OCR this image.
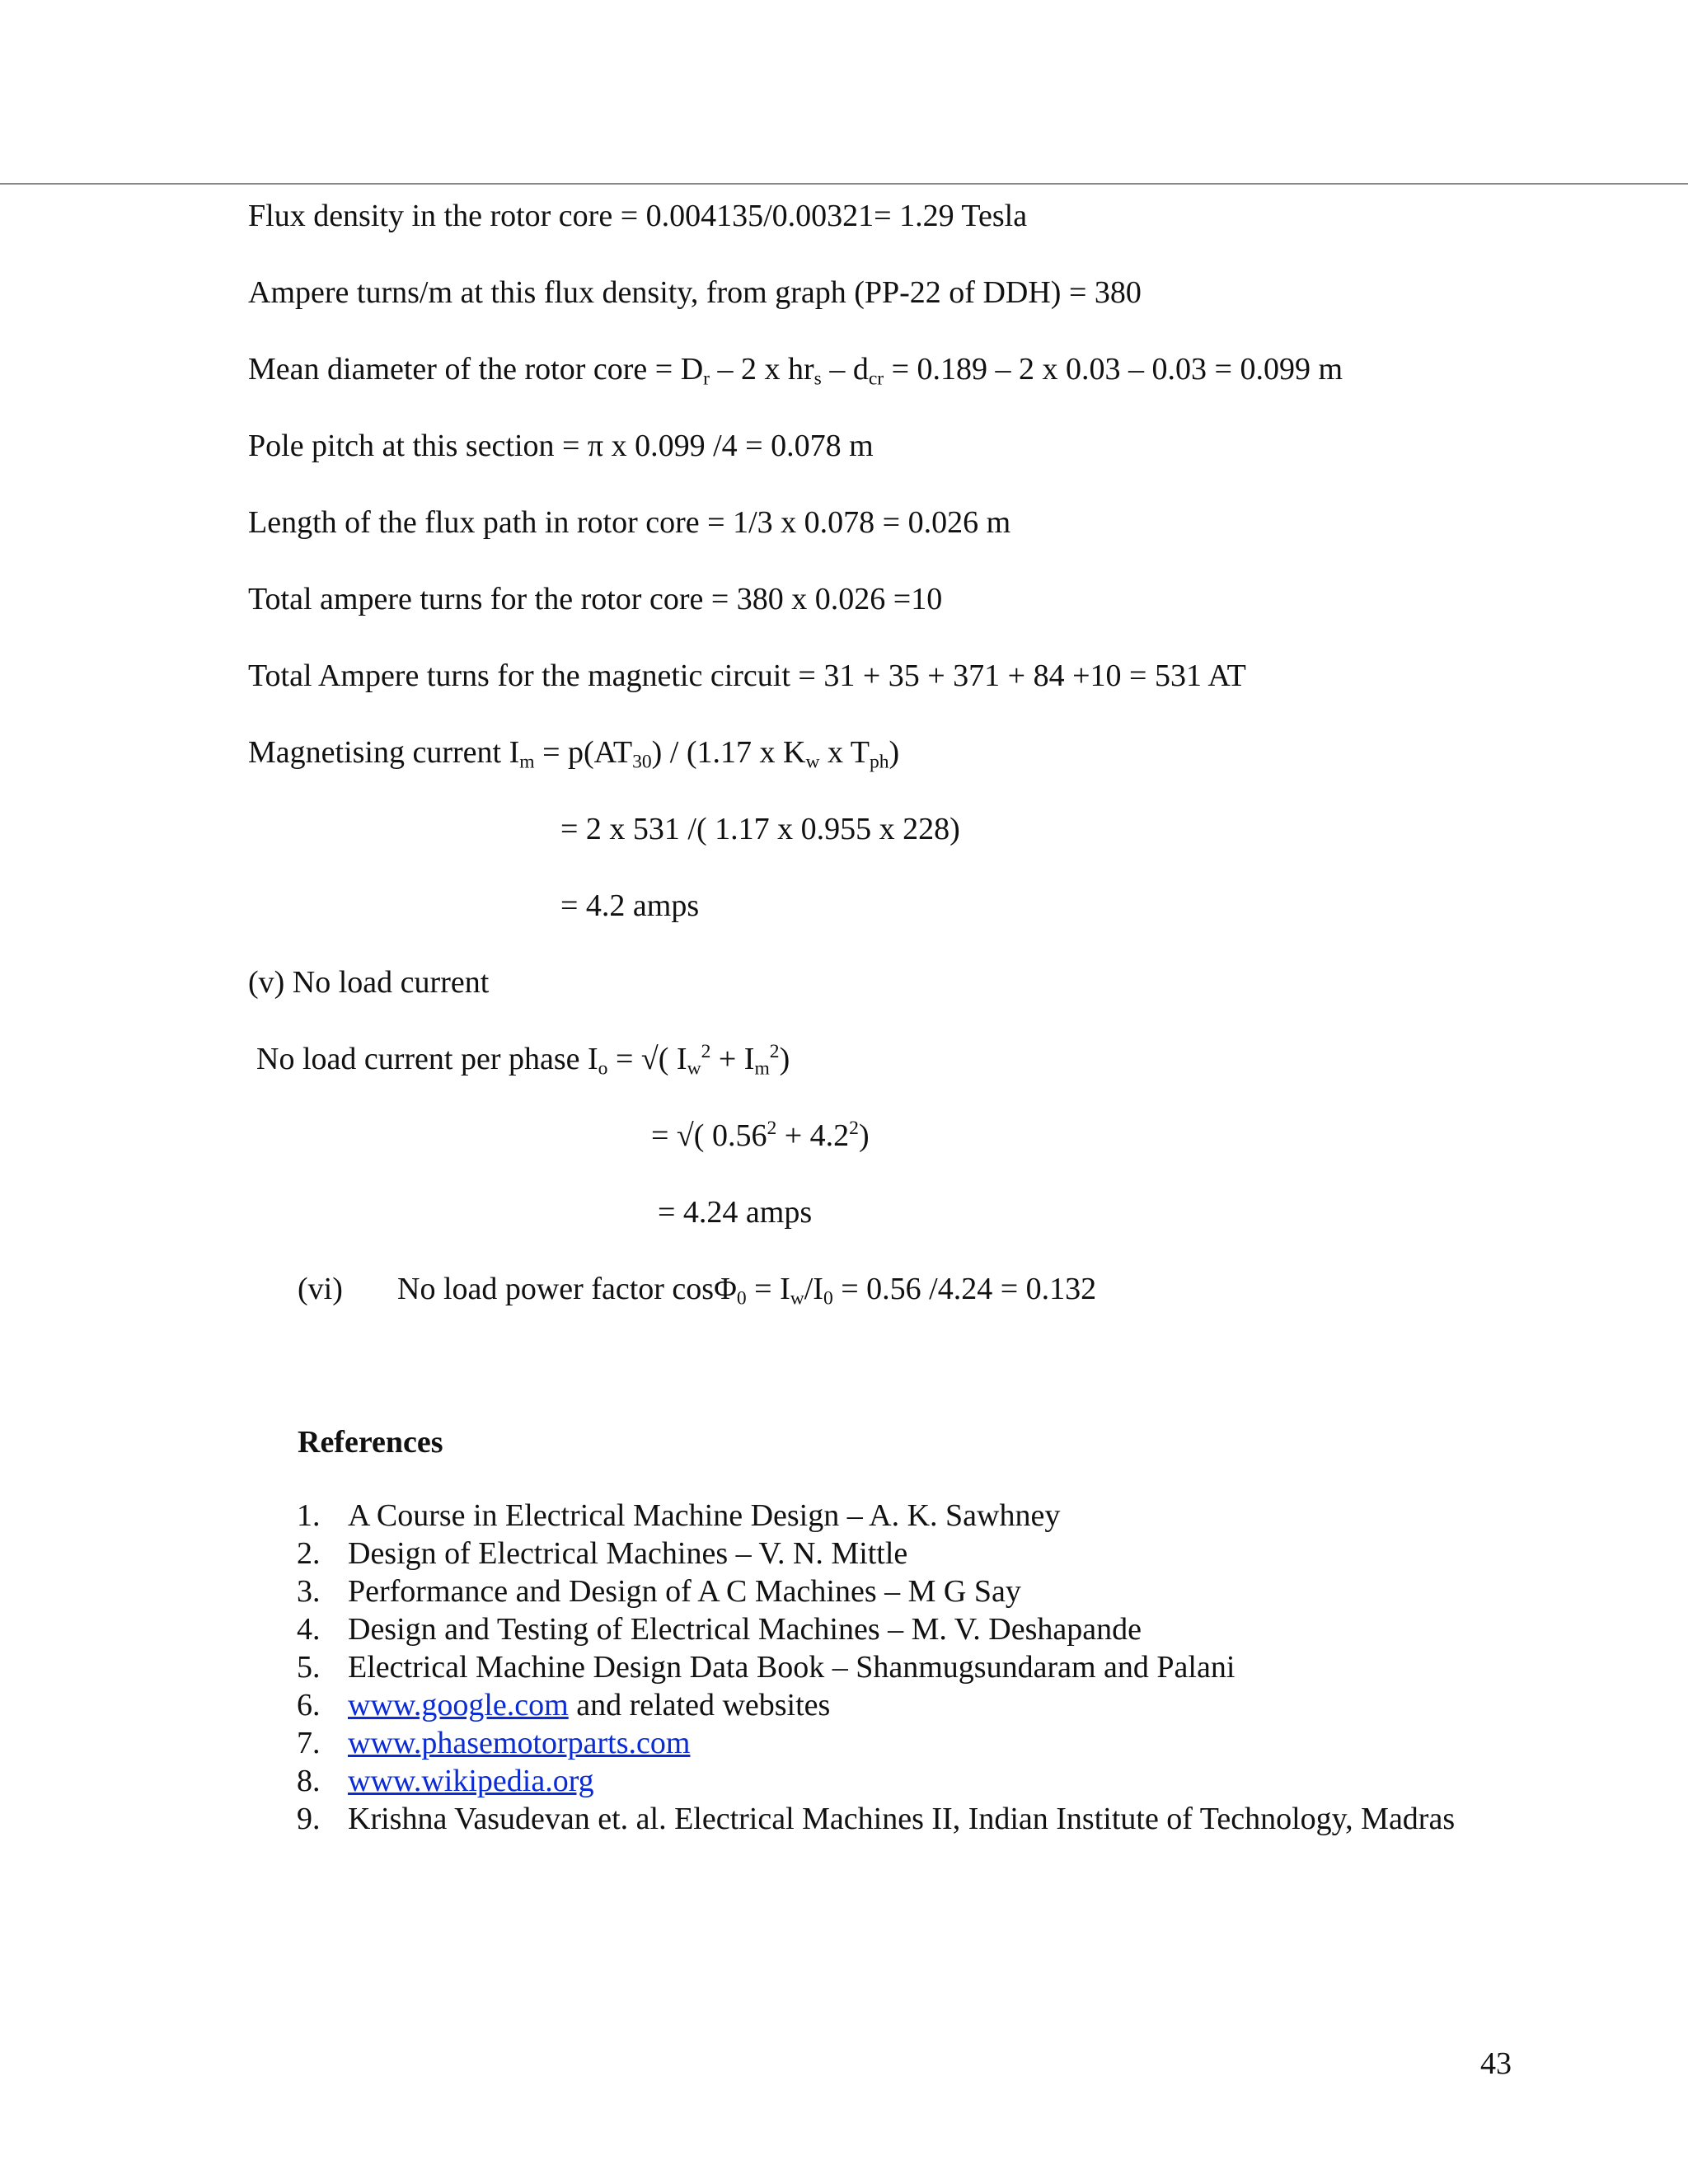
Flux density in the rotor core = 0.004135/0.00321= 1.29 Tesla
Ampere turns/m at this flux density, from graph (PP-22 of DDH) = 380
Mean diameter of the rotor core = $D_r - 2$ x $hr_s - d_{cr} = 0.189 - 2$ x 0.03 – 0.03 = 0.099 m
Pole pitch at this section = π x 0.099 /4 = 0.078 m
Length of the flux path in rotor core = 1/3 x 0.078 = 0.026 m
Total ampere turns for the rotor core = 380 x 0.026 =10
Total Ampere turns for the magnetic circuit = 31 + 35 + 371 + 84 +10 = 531 AT
Magnetising current $I_m = p(AT_{30}) / (1.17$ x $K_w$ x $T_{ph}$)
= 2 x 531 /( 1.17 x 0.955 x 228)
= 4.2 amps
(v) No load current
No load current per phase $I_o$ = √( $I_w^2 + I_m^2$)
= √( $0.56^2 + 4.2^2$)
= 4.24 amps
(vi) No load power factor $\cos\Phi_0 = I_w/I_0 = 0.56$ /4.24 = 0.132
References
1. A Course in Electrical Machine Design – A. K. Sawhney
2. Design of Electrical Machines – V. N. Mittle
3. Performance and Design of A C Machines – M G Say
4. Design and Testing of Electrical Machines – M. V. Deshapande
5. Electrical Machine Design Data Book – Shanmugsundaram and Palani
6. www.google.com and related websites
7. www.phasemotorparts.com
8. www.wikipedia.org
9. Krishna Vasudevan et. al. Electrical Machines II, Indian Institute of Technology, Madras
43
